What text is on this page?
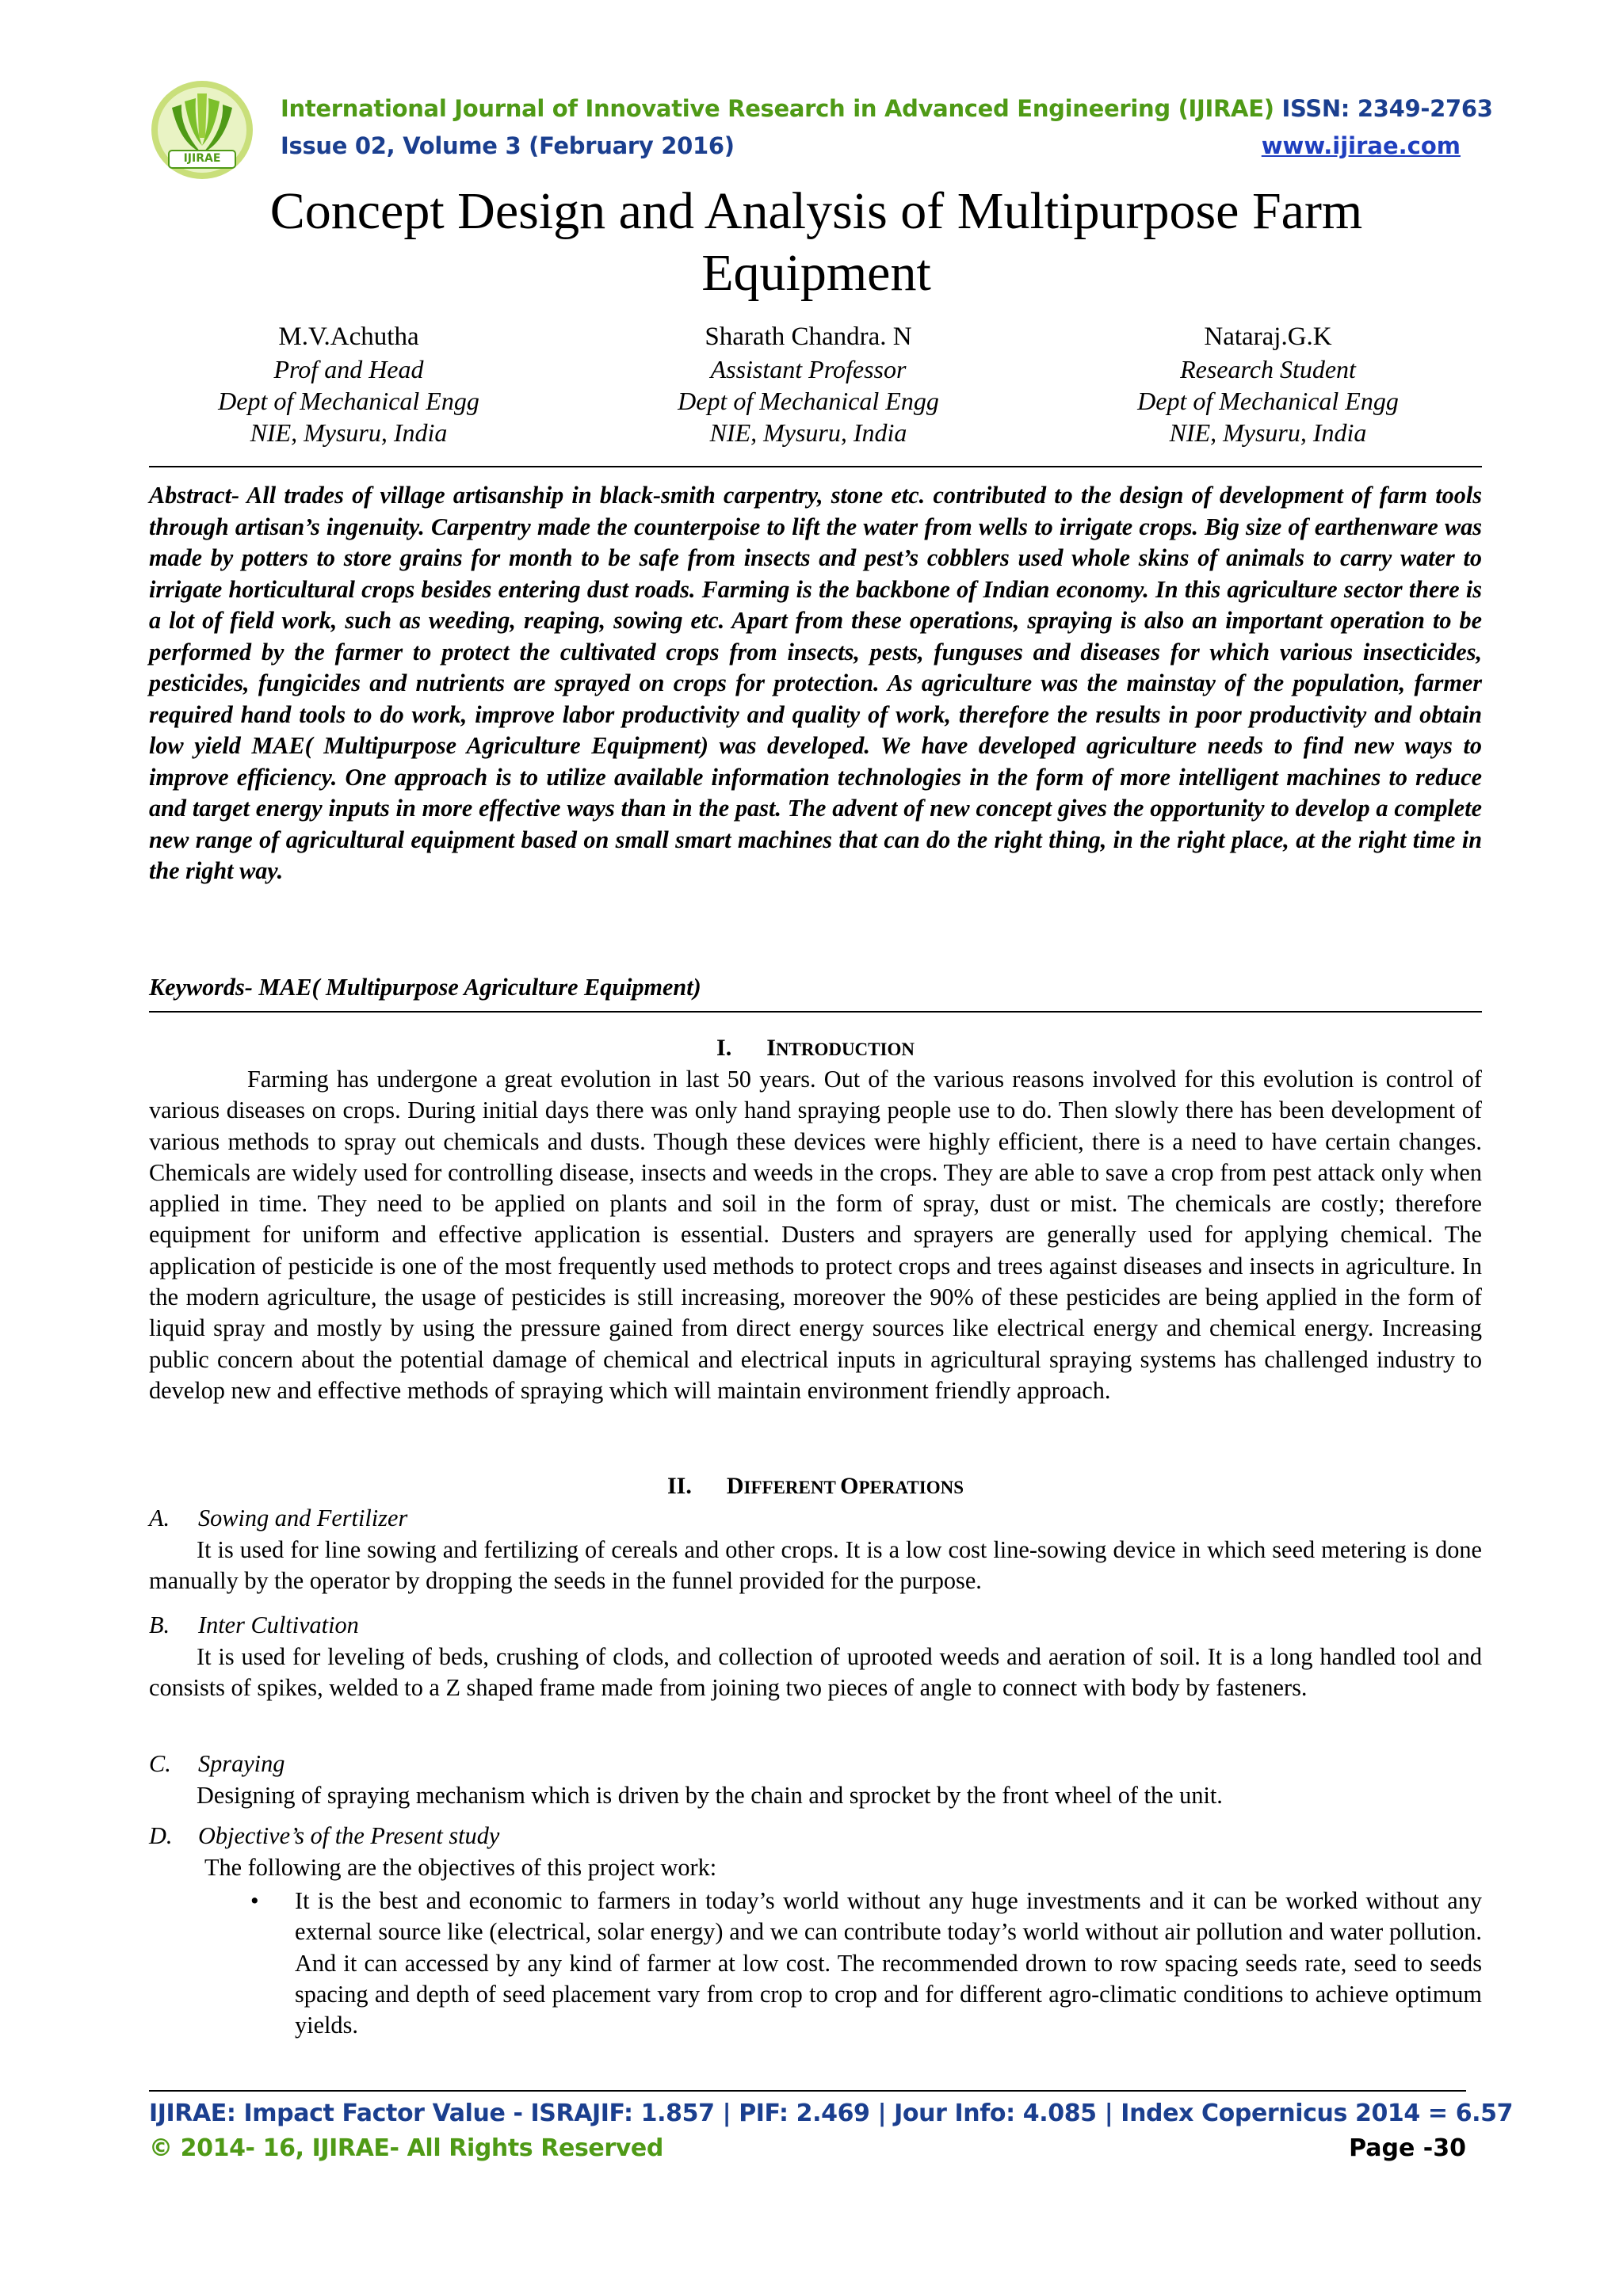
IJIRAE
International Journal of Innovative Research in Advanced Engineering (IJIRAE) ISSN: 2349-2763
Issue 02, Volume 3 (February 2016)	www.ijirae.com
Concept Design and Analysis of Multipurpose Farm Equipment
M.V.Achutha
Prof and Head
Dept of Mechanical Engg
NIE, Mysuru, India
Sharath Chandra. N
Assistant Professor
Dept of Mechanical Engg
NIE, Mysuru, India
Nataraj.G.K
Research Student
Dept of Mechanical Engg
NIE, Mysuru, India
Abstract- All trades of village artisanship in black-smith carpentry, stone etc. contributed to the design of development of farm tools through artisan’s ingenuity. Carpentry made the counterpoise to lift the water from wells to irrigate crops. Big size of earthenware was made by potters to store grains for month to be safe from insects and pest’s cobblers used whole skins of animals to carry water to irrigate horticultural crops besides entering dust roads. Farming is the backbone of Indian economy. In this agriculture sector there is a lot of field work, such as weeding, reaping, sowing etc. Apart from these operations, spraying is also an important operation to be performed by the farmer to protect the cultivated crops from insects, pests, funguses and diseases for which various insecticides, pesticides, fungicides and nutrients are sprayed on crops for protection. As agriculture was the mainstay of the population, farmer required hand tools to do work, improve labor productivity and quality of work, therefore the results in poor productivity and obtain low yield MAE( Multipurpose Agriculture Equipment) was developed. We have developed agriculture needs to find new ways to improve efficiency. One approach is to utilize available information technologies in the form of more intelligent machines to reduce and target energy inputs in more effective ways than in the past. The advent of new concept gives the opportunity to develop a complete new range of agricultural equipment based on small smart machines that can do the right thing, in the right place, at the right time in the right way.
Keywords- MAE( Multipurpose Agriculture Equipment)
I. INTRODUCTION
Farming has undergone a great evolution in last 50 years. Out of the various reasons involved for this evolution is control of various diseases on crops. During initial days there was only hand spraying people use to do. Then slowly there has been development of various methods to spray out chemicals and dusts. Though these devices were highly efficient, there is a need to have certain changes. Chemicals are widely used for controlling disease, insects and weeds in the crops. They are able to save a crop from pest attack only when applied in time. They need to be applied on plants and soil in the form of spray, dust or mist. The chemicals are costly; therefore equipment for uniform and effective application is essential. Dusters and sprayers are generally used for applying chemical. The application of pesticide is one of the most frequently used methods to protect crops and trees against diseases and insects in agriculture. In the modern agriculture, the usage of pesticides is still increasing, moreover the 90% of these pesticides are being applied in the form of liquid spray and mostly by using the pressure gained from direct energy sources like electrical energy and chemical energy. Increasing public concern about the potential damage of chemical and electrical inputs in agricultural spraying systems has challenged industry to develop new and effective methods of spraying which will maintain environment friendly approach.
II. DIFFERENT OPERATIONS
A. Sowing and Fertilizer
It is used for line sowing and fertilizing of cereals and other crops. It is a low cost line-sowing device in which seed metering is done manually by the operator by dropping the seeds in the funnel provided for the purpose.
B. Inter Cultivation
It is used for leveling of beds, crushing of clods, and collection of uprooted weeds and aeration of soil. It is a long handled tool and consists of spikes, welded to a Z shaped frame made from joining two pieces of angle to connect with body by fasteners.
C. Spraying
Designing of spraying mechanism which is driven by the chain and sprocket by the front wheel of the unit.
D. Objective’s of the Present study
The following are the objectives of this project work:
• It is the best and economic to farmers in today’s world without any huge investments and it can be worked without any external source like (electrical, solar energy) and we can contribute today’s world without air pollution and water pollution. And it can accessed by any kind of farmer at low cost. The recommended drown to row spacing seeds rate, seed to seeds spacing and depth of seed placement vary from crop to crop and for different agro-climatic conditions to achieve optimum yields.
IJIRAE: Impact Factor Value - ISRAJIF: 1.857 | PIF: 2.469 | Jour Info: 4.085 | Index Copernicus 2014 = 6.57
© 2014- 16, IJIRAE- All Rights Reserved	Page -30
